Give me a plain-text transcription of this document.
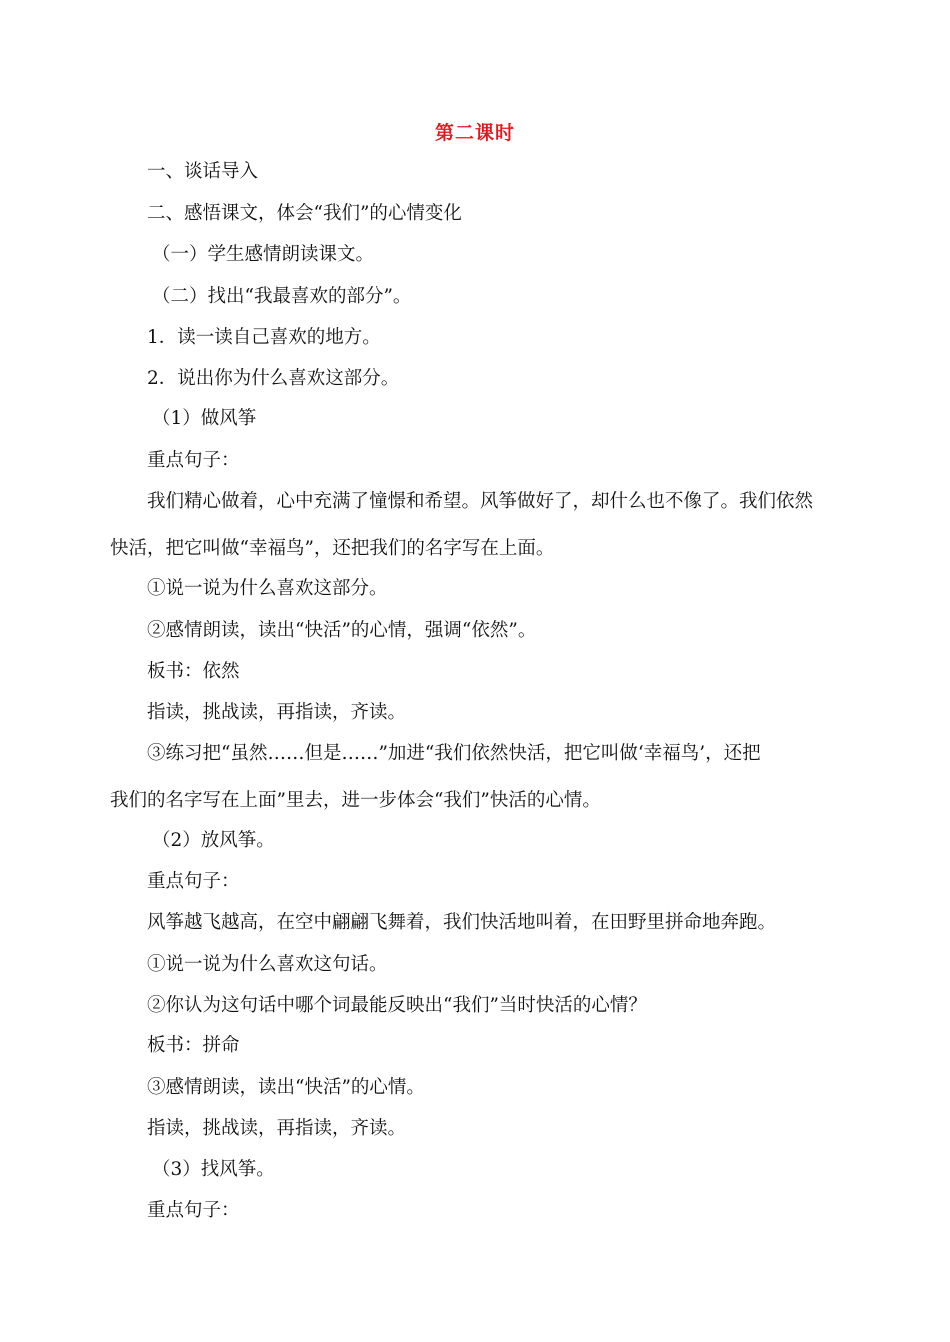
第二课时
一、谈话导入
二、感悟课文，体会“我们”的心情变化
（一）学生感情朗读课文。
（二）找出“我最喜欢的部分”。
1．读一读自己喜欢的地方。
2．说出你为什么喜欢这部分。
（1）做风筝
重点句子：
我们精心做着，心中充满了憧憬和希望。风筝做好了，却什么也不像了。我们依然
快活，把它叫做“幸福鸟”，还把我们的名字写在上面。
①说一说为什么喜欢这部分。
②感情朗读，读出“快活”的心情，强调“依然”。
板书：依然
指读，挑战读，再指读，齐读。
③练习把“虽然……但是……”加进“我们依然快活，把它叫做‘幸福鸟’，还把
我们的名字写在上面”里去，进一步体会“我们”快活的心情。
（2）放风筝。
重点句子：
风筝越飞越高，在空中翩翩飞舞着，我们快活地叫着，在田野里拼命地奔跑。
①说一说为什么喜欢这句话。
②你认为这句话中哪个词最能反映出“我们”当时快活的心情？
板书：拼命
③感情朗读，读出“快活”的心情。
指读，挑战读，再指读，齐读。
（3）找风筝。
重点句子：
